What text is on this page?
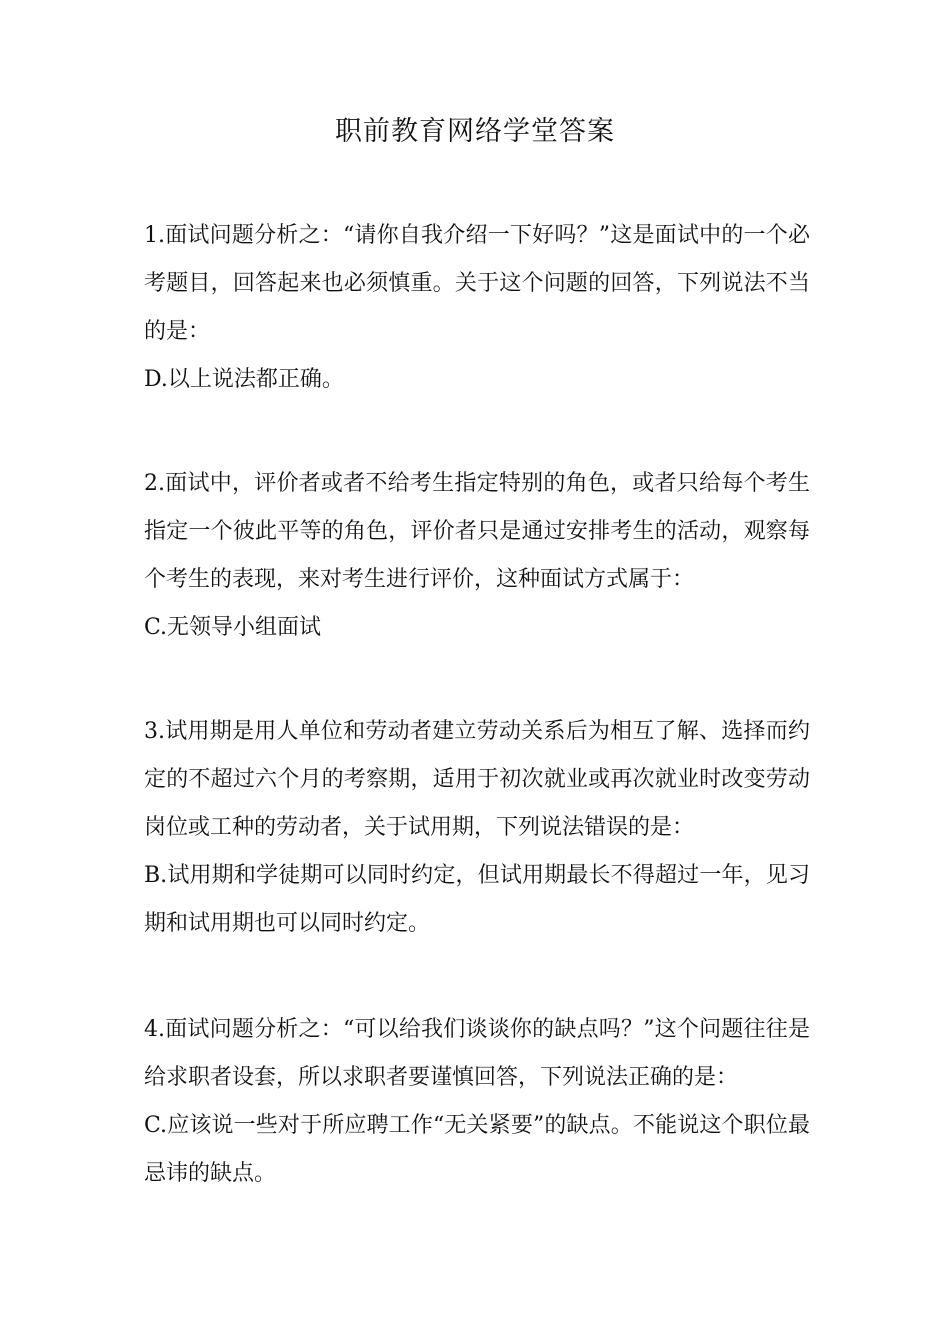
职前教育网络学堂答案

1.面试问题分析之：“请你自我介绍一下好吗？”这是面试中的一个必考题目，回答起来也必须慎重。关于这个问题的回答，下列说法不当的是：

D.以上说法都正确。

2.面试中，评价者或者不给考生指定特别的角色，或者只给每个考生指定一个彼此平等的角色，评价者只是通过安排考生的活动，观察每个考生的表现，来对考生进行评价，这种面试方式属于：

C.无领导小组面试

3.试用期是用人单位和劳动者建立劳动关系后为相互了解、选择而约定的不超过六个月的考察期，适用于初次就业或再次就业时改变劳动岗位或工种的劳动者，关于试用期，下列说法错误的是：

B.试用期和学徒期可以同时约定，但试用期最长不得超过一年，见习期和试用期也可以同时约定。

4.面试问题分析之：“可以给我们谈谈你的缺点吗？”这个问题往往是给求职者设套，所以求职者要谨慎回答，下列说法正确的是：

C.应该说一些对于所应聘工作“无关紧要”的缺点。不能说这个职位最忌讳的缺点。
